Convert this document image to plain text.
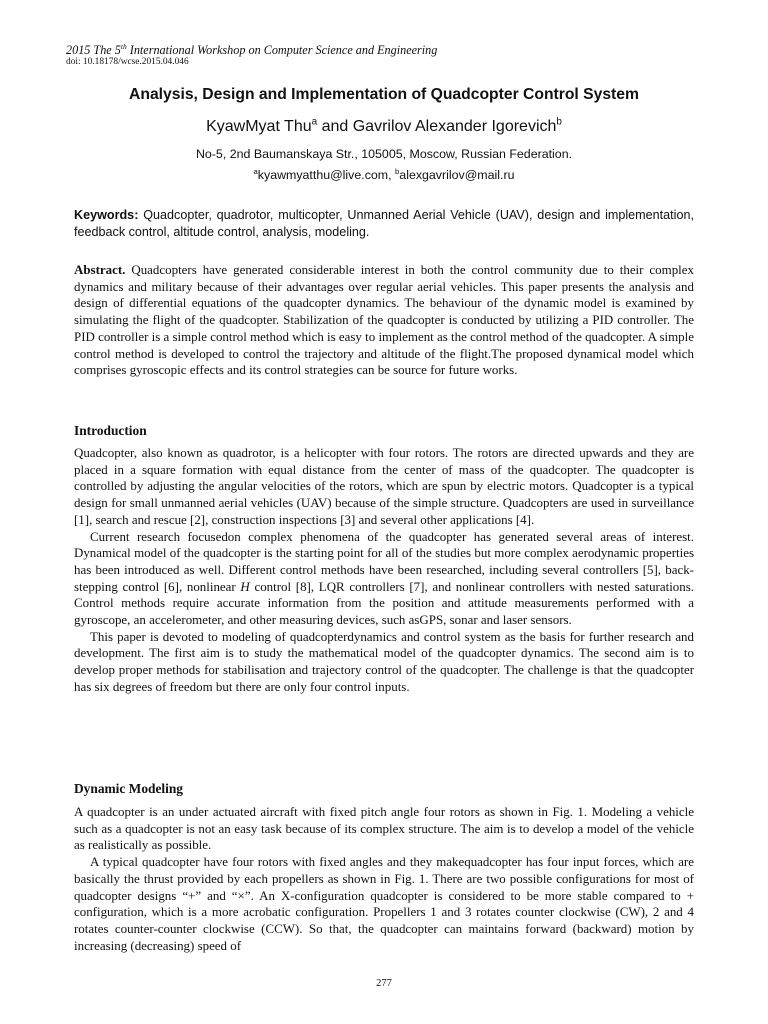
2015 The 5th International Workshop on Computer Science and Engineering
doi: 10.18178/wcse.2015.04.046
Analysis, Design and Implementation of Quadcopter Control System
KyawMyat Thu$^a$ and Gavrilov Alexander Igorevich$^b$
No-5, 2nd Baumanskaya Str., 105005, Moscow, Russian Federation.
$^a$kyawmyatthu@live.com, $^b$alexgavrilov@mail.ru
Keywords: Quadcopter, quadrotor, multicopter, Unmanned Aerial Vehicle (UAV), design and implementation, feedback control, altitude control, analysis, modeling.
Abstract. Quadcopters have generated considerable interest in both the control community due to their complex dynamics and military because of their advantages over regular aerial vehicles. This paper presents the analysis and design of differential equations of the quadcopter dynamics. The behaviour of the dynamic model is examined by simulating the flight of the quadcopter. Stabilization of the quadcopter is conducted by utilizing a PID controller. The PID controller is a simple control method which is easy to implement as the control method of the quadcopter. A simple control method is developed to control the trajectory and altitude of the flight.The proposed dynamical model which comprises gyroscopic effects and its control strategies can be source for future works.
Introduction

Quadcopter, also known as quadrotor, is a helicopter with four rotors. The rotors are directed upwards and they are placed in a square formation with equal distance from the center of mass of the quadcopter. The quadcopter is controlled by adjusting the angular velocities of the rotors, which are spun by electric motors. Quadcopter is a typical design for small unmanned aerial vehicles (UAV) because of the simple structure. Quadcopters are used in surveillance [1], search and rescue [2], construction inspections [3] and several other applications [4].

Current research focusedon complex phenomena of the quadcopter has generated several areas of interest. Dynamical model of the quadcopter is the starting point for all of the studies but more complex aerodynamic properties has been introduced as well. Different control methods have been researched, including several controllers [5], back- stepping control [6], nonlinear H control [8], LQR controllers [7], and nonlinear controllers with nested saturations. Control methods require accurate information from the position and attitude measurements performed with a gyroscope, an accelerometer, and other measuring devices, such asGPS, sonar and laser sensors.

This paper is devoted to modeling of quadcopterdynamics and control system as the basis for further research and development. The first aim is to study the mathematical model of the quadcopter dynamics. The second aim is to develop proper methods for stabilisation and trajectory control of the quadcopter. The challenge is that the quadcopter has six degrees of freedom but there are only four control inputs.

Dynamic Modeling

A quadcopter is an under actuated aircraft with fixed pitch angle four rotors as shown in Fig. 1. Modeling a vehicle such as a quadcopter is not an easy task because of its complex structure. The aim is to develop a model of the vehicle as realistically as possible.

A typical quadcopter have four rotors with fixed angles and they makequadcopter has four input forces, which are basically the thrust provided by each propellers as shown in Fig. 1. There are two possible configurations for most of quadcopter designs “+” and “×”. An X-configuration quadcopter is considered to be more stable compared to + configuration, which is a more acrobatic configuration. Propellers 1 and 3 rotates counter clockwise (CW), 2 and 4 rotates counter-counter clockwise (CCW). So that, the quadcopter can maintains forward (backward) motion by increasing (decreasing) speed of

277
